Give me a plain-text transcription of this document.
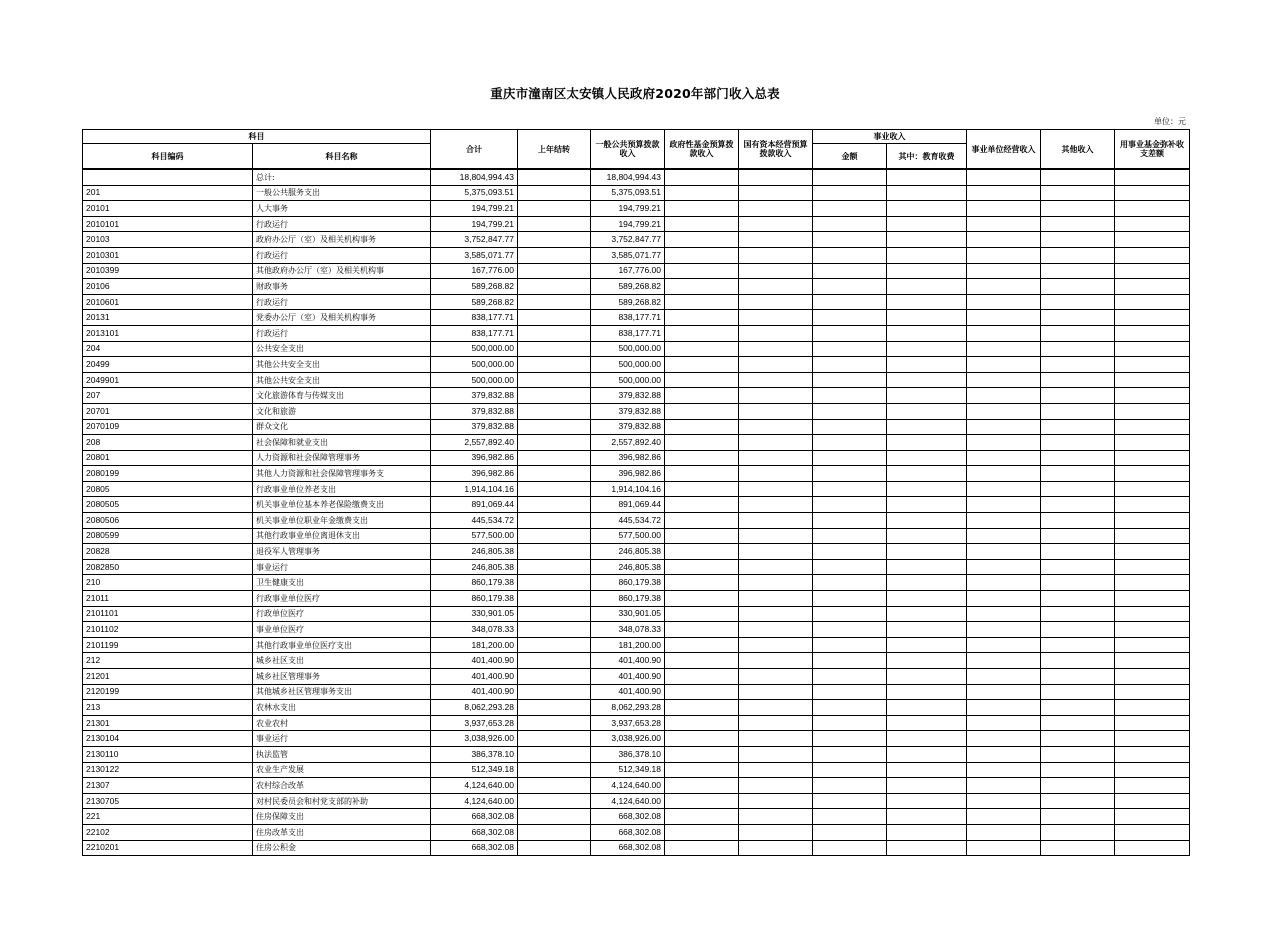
重庆市潼南区太安镇人民政府2020年部门收入总表
单位：元
科目		合计	上年结转	一般公共预算拨款收入	政府性基金预算拨款收入	国有资本经营预算拨款收入	事业收入		事业单位经营收入	其他收入	用事业基金弥补收支差额
科目编码	科目名称						金额	其中：教育收费			
	总计:	18,804,994.43		18,804,994.43							
201	一般公共服务支出	5,375,093.51		5,375,093.51							
20101	人大事务	194,799.21		194,799.21							
2010101	行政运行	194,799.21		194,799.21							
20103	政府办公厅（室）及相关机构事务	3,752,847.77		3,752,847.77							
2010301	行政运行	3,585,071.77		3,585,071.77							
2010399	其他政府办公厅（室）及相关机构事	167,776.00		167,776.00							
20106	财政事务	589,268.82		589,268.82							
2010601	行政运行	589,268.82		589,268.82							
20131	党委办公厅（室）及相关机构事务	838,177.71		838,177.71							
2013101	行政运行	838,177.71		838,177.71							
204	公共安全支出	500,000.00		500,000.00							
20499	其他公共安全支出	500,000.00		500,000.00							
2049901	其他公共安全支出	500,000.00		500,000.00							
207	文化旅游体育与传媒支出	379,832.88		379,832.88							
20701	文化和旅游	379,832.88		379,832.88							
2070109	群众文化	379,832.88		379,832.88							
208	社会保障和就业支出	2,557,892.40		2,557,892.40							
20801	人力资源和社会保障管理事务	396,982.86		396,982.86							
2080199	其他人力资源和社会保障管理事务支	396,982.86		396,982.86							
20805	行政事业单位养老支出	1,914,104.16		1,914,104.16							
2080505	机关事业单位基本养老保险缴费支出	891,069.44		891,069.44							
2080506	机关事业单位职业年金缴费支出	445,534.72		445,534.72							
2080599	其他行政事业单位离退休支出	577,500.00		577,500.00							
20828	退役军人管理事务	246,805.38		246,805.38							
2082850	事业运行	246,805.38		246,805.38							
210	卫生健康支出	860,179.38		860,179.38							
21011	行政事业单位医疗	860,179.38		860,179.38							
2101101	行政单位医疗	330,901.05		330,901.05							
2101102	事业单位医疗	348,078.33		348,078.33							
2101199	其他行政事业单位医疗支出	181,200.00		181,200.00							
212	城乡社区支出	401,400.90		401,400.90							
21201	城乡社区管理事务	401,400.90		401,400.90							
2120199	其他城乡社区管理事务支出	401,400.90		401,400.90							
213	农林水支出	8,062,293.28		8,062,293.28							
21301	农业农村	3,937,653.28		3,937,653.28							
2130104	事业运行	3,038,926.00		3,038,926.00							
2130110	执法监管	386,378.10		386,378.10							
2130122	农业生产发展	512,349.18		512,349.18							
21307	农村综合改革	4,124,640.00		4,124,640.00							
2130705	对村民委员会和村党支部的补助	4,124,640.00		4,124,640.00							
221	住房保障支出	668,302.08		668,302.08							
22102	住房改革支出	668,302.08		668,302.08							
2210201	住房公积金	668,302.08		668,302.08							
